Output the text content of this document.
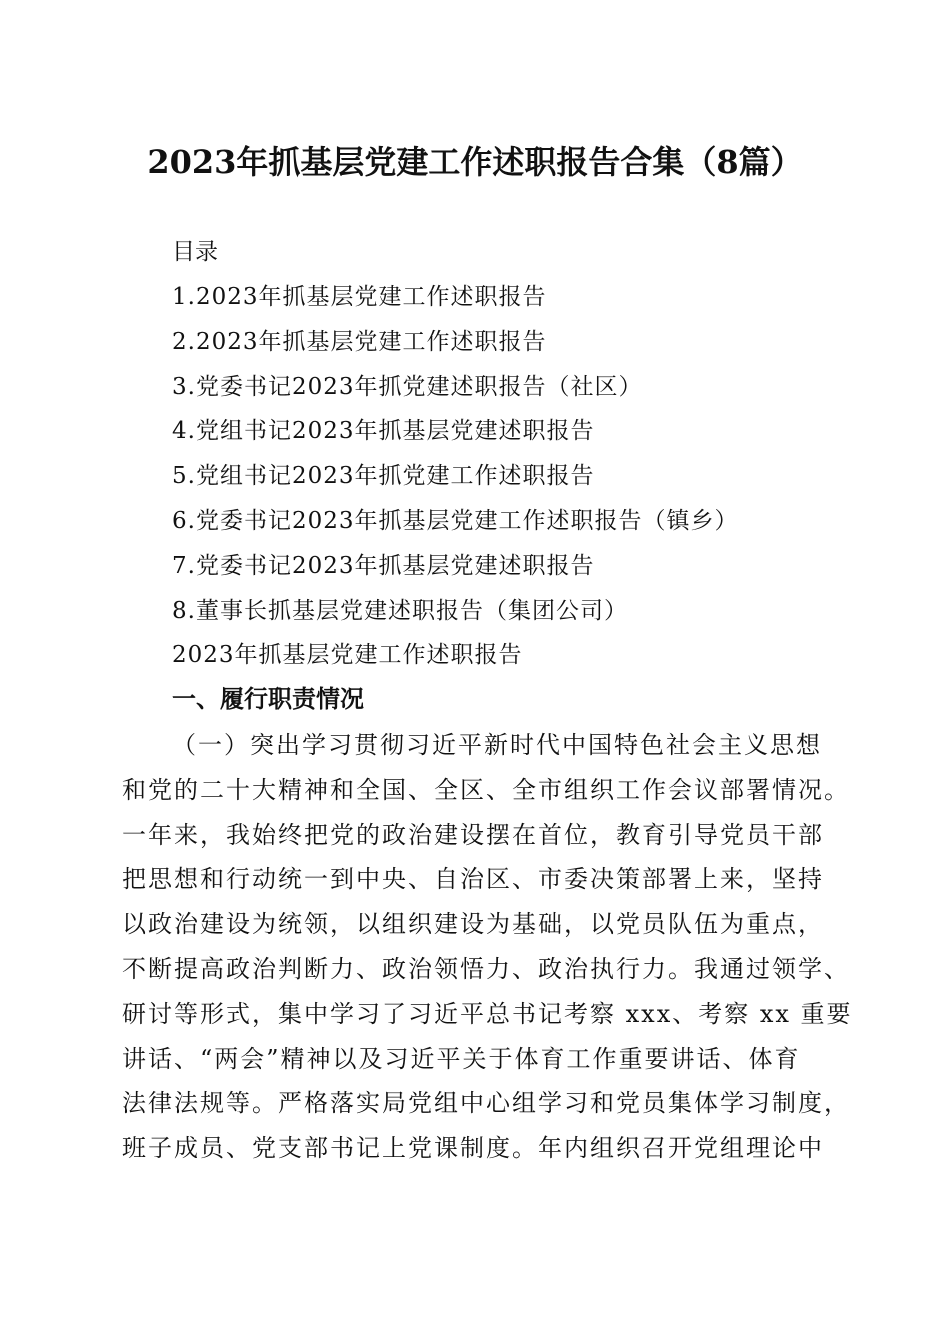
2023年抓基层党建工作述职报告合集（8篇）
目录
1.2023年抓基层党建工作述职报告
2.2023年抓基层党建工作述职报告
3.党委书记2023年抓党建述职报告（社区）
4.党组书记2023年抓基层党建述职报告
5.党组书记2023年抓党建工作述职报告
6.党委书记2023年抓基层党建工作述职报告（镇乡）
7.党委书记2023年抓基层党建述职报告
8.董事长抓基层党建述职报告（集团公司）
2023年抓基层党建工作述职报告
一、履行职责情况
（一）突出学习贯彻习近平新时代中国特色社会主义思想
和党的二十大精神和全国、全区、全市组织工作会议部署情况。
一年来，我始终把党的政治建设摆在首位，教育引导党员干部
把思想和行动统一到中央、自治区、市委决策部署上来，坚持
以政治建设为统领，以组织建设为基础，以党员队伍为重点，
不断提高政治判断力、政治领悟力、政治执行力。我通过领学、
研讨等形式，集中学习了习近平总书记考察 xxx、考察 xx 重要
讲话、“两会”精神以及习近平关于体育工作重要讲话、体育
法律法规等。严格落实局党组中心组学习和党员集体学习制度，
班子成员、党支部书记上党课制度。年内组织召开党组理论中
